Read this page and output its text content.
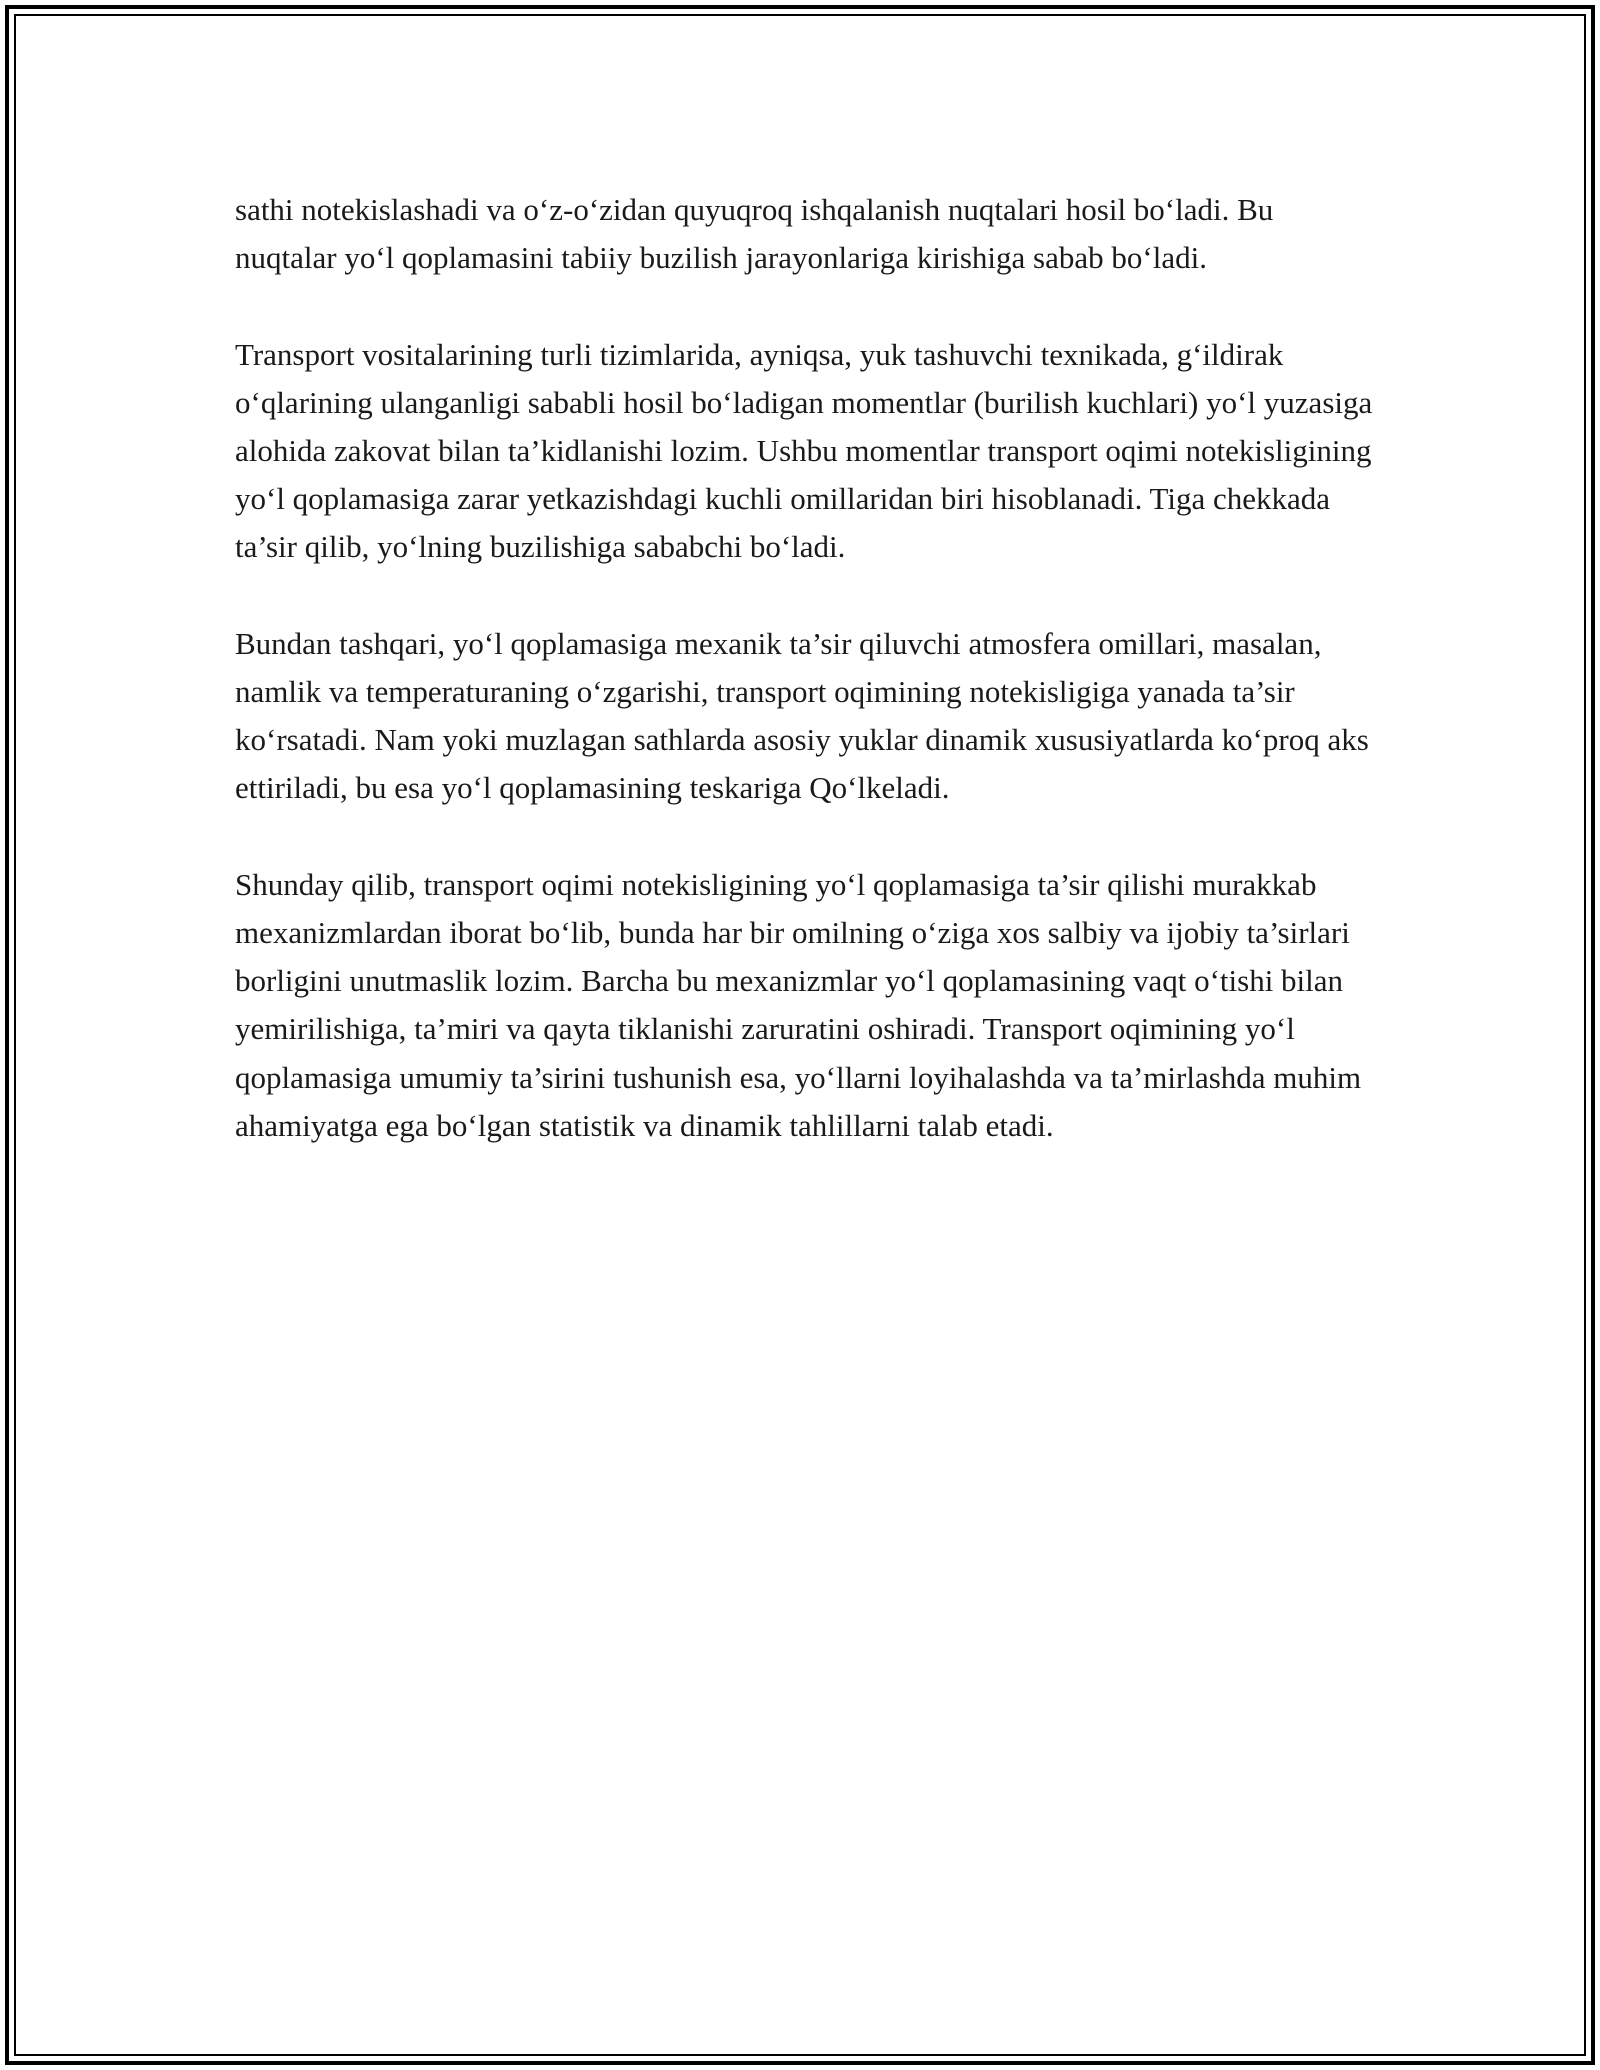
sathi notekislashadi va o‘z-o‘zidan quyuqroq ishqalanish nuqtalari hosil bo‘ladi. Bu nuqtalar yo‘l qoplamasini tabiiy buzilish jarayonlariga kirishiga sabab bo‘ladi.

Transport vositalarining turli tizimlarida, ayniqsa, yuk tashuvchi texnikada, g‘ildirak o‘qlarining ulanganligi sababli hosil bo‘ladigan momentlar (burilish kuchlari) yo‘l yuzasiga alohida zakovat bilan ta’kidlanishi lozim. Ushbu momentlar transport oqimi notekisligining yo‘l qoplamasiga zarar yetkazishdagi kuchli omillaridan biri hisoblanadi. Tiga chekkada ta’sir qilib, yo‘lning buzilishiga sababchi bo‘ladi.

Bundan tashqari, yo‘l qoplamasiga mexanik ta’sir qiluvchi atmosfera omillari, masalan, namlik va temperaturaning o‘zgarishi, transport oqimining notekisligiga yanada ta’sir ko‘rsatadi. Nam yoki muzlagan sathlarda asosiy yuklar dinamik xususiyatlarda ko‘proq aks ettiriladi, bu esa yo‘l qoplamasining teskariga Qo‘lkeladi.

Shunday qilib, transport oqimi notekisligining yo‘l qoplamasiga ta’sir qilishi murakkab mexanizmlardan iborat bo‘lib, bunda har bir omilning o‘ziga xos salbiy va ijobiy ta’sirlari borligini unutmaslik lozim. Barcha bu mexanizmlar yo‘l qoplamasining vaqt o‘tishi bilan yemirilishiga, ta’miri va qayta tiklanishi zaruratini oshiradi. Transport oqimining yo‘l qoplamasiga umumiy ta’sirini tushunish esa, yo‘llarni loyihalashda va ta’mirlashda muhim ahamiyatga ega bo‘lgan statistik va dinamik tahlillarni talab etadi.
